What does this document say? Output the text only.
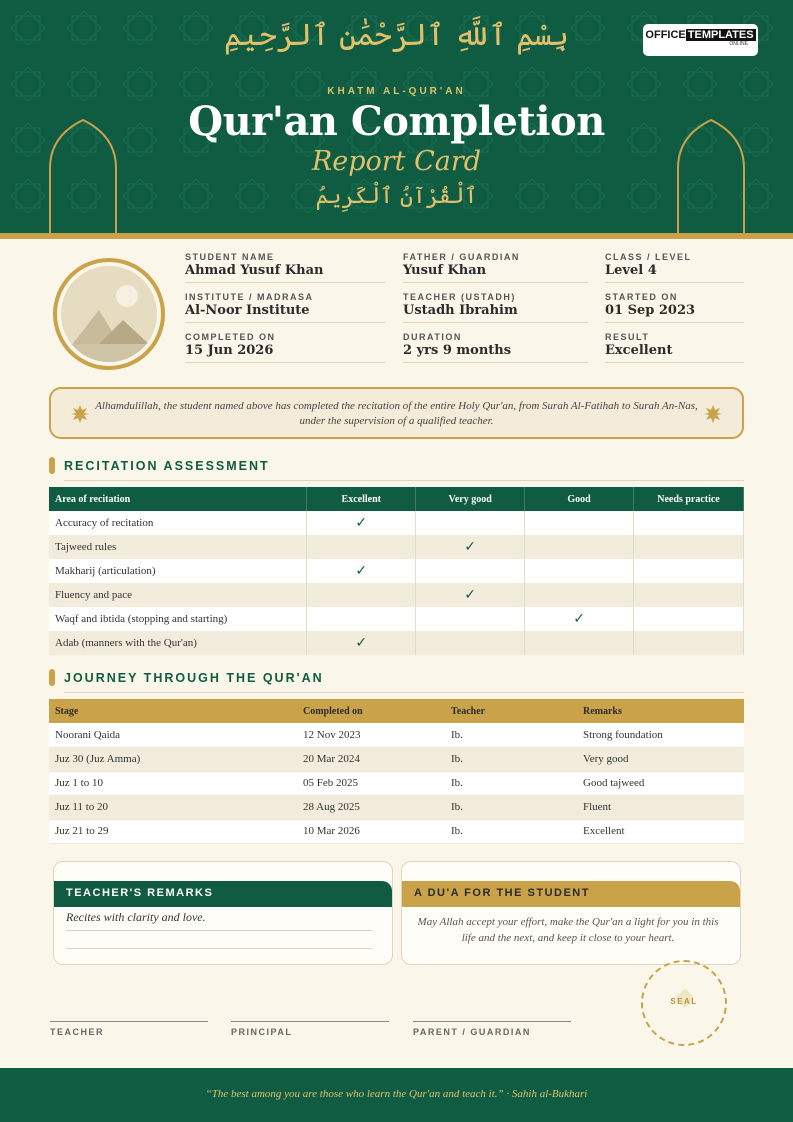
بِسْمِ ٱللَّهِ ٱلرَّحْمَٰنِ ٱلرَّحِيمِ
KHATM AL-QUR'AN
Qur'an Completion
Report Card
ٱلْقُرْآنُ ٱلْكَرِيمُ
OFFICE TEMPLATES
ONLINE
STUDENT NAME
Ahmad Yusuf Khan
FATHER / GUARDIAN
Yusuf Khan
CLASS / LEVEL
Level 4
INSTITUTE / MADRASA
Al-Noor Institute
TEACHER (USTADH)
Ustadh Ibrahim
STARTED ON
01 Sep 2023
COMPLETED ON
15 Jun 2026
DURATION
2 yrs 9 months
RESULT
Excellent

Alhamdulillah, the student named above has completed the recitation of the entire Holy Qur'an, from Surah Al-Fatihah to Surah An-Nas, under the supervision of a qualified teacher.

RECITATION ASSESSMENT
Area of recitation	Excellent	Very good	Good	Needs practice
Accuracy of recitation	✓			
Tajweed rules		✓		
Makharij (articulation)	✓			
Fluency and pace		✓		
Waqf and ibtida (stopping and starting)			✓	
Adab (manners with the Qur'an)	✓			
JOURNEY THROUGH THE QUR'AN
Stage	Completed on	Teacher	Remarks
Noorani Qaida	12 Nov 2023	Ib.	Strong foundation
Juz 30 (Juz Amma)	20 Mar 2024	Ib.	Very good
Juz 1 to 10	05 Feb 2025	Ib.	Good tajweed
Juz 11 to 20	28 Aug 2025	Ib.	Fluent
Juz 21 to 29	10 Mar 2026	Ib.	Excellent
TEACHER'S REMARKS
Recites with clarity and love.
A DU'A FOR THE STUDENT
May Allah accept your effort, make the Qur'an a light for you in this life and the next, and keep it close to your heart.
SEAL
TEACHER	PRINCIPAL	PARENT / GUARDIAN

“The best among you are those who learn the Qur'an and teach it.” · Sahih al-Bukhari
